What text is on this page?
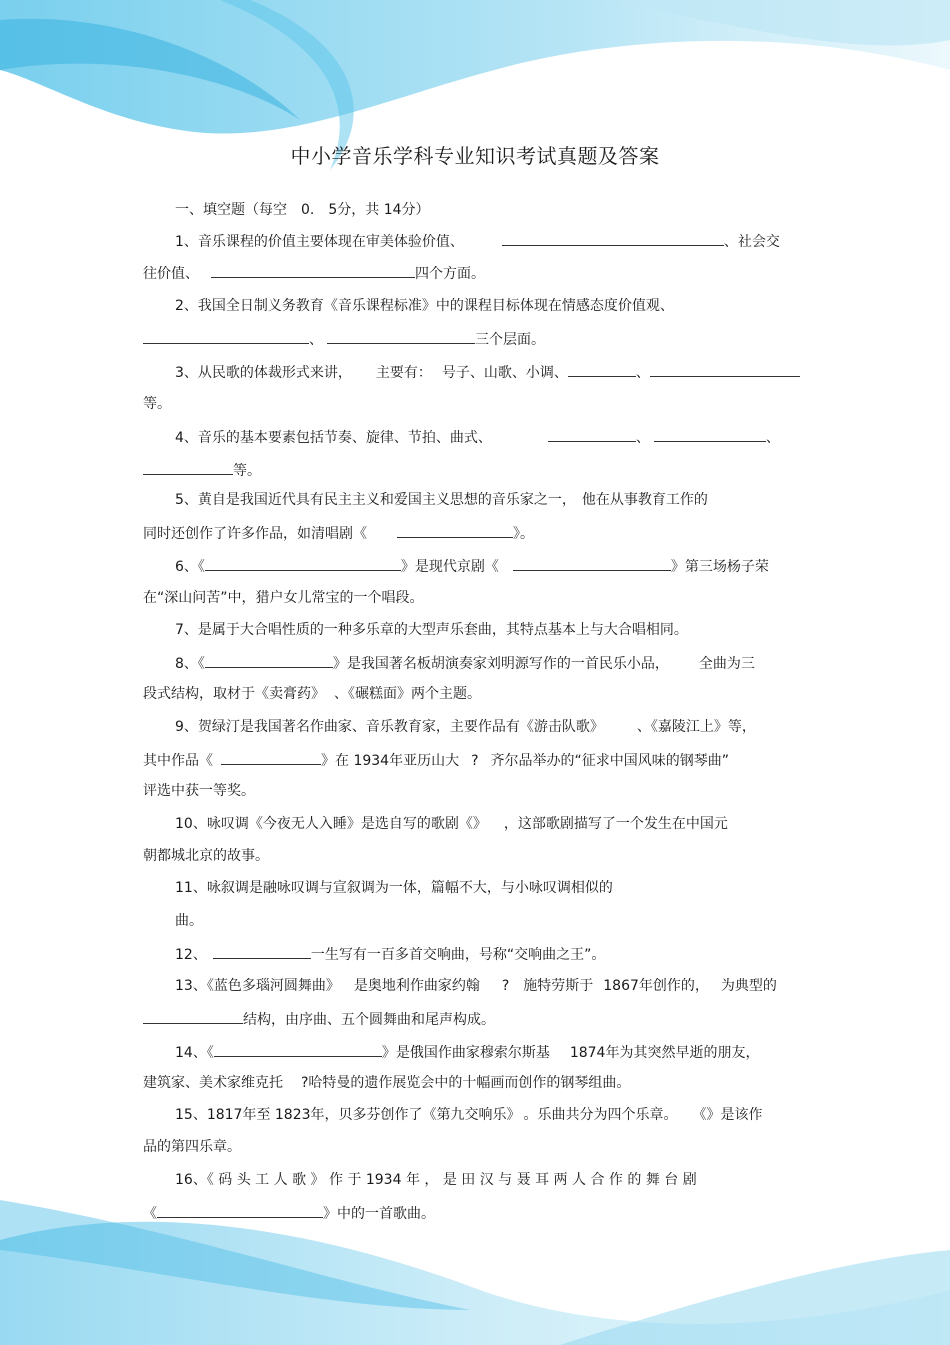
中小学音乐学科专业知识考试真题及答案
一、填空题（每空　0.　5分，共 14分）
1、音乐课程的价值主要体现在审美体验价值、	、社会交
往价值、	四个方面。
2、我国全日制义务教育《音乐课程标准》中的课程目标体现在情感态度价值观、
、	三个层面。
3、从民歌的体裁形式来讲， 主要有： 号子、山歌、小调、	、
等。
4、音乐的基本要素包括节奏、旋律、节拍、曲式、	、	、
等。
5、黄自是我国近代具有民主主义和爱国主义思想的音乐家之一， 他在从事教育工作的
同时还创作了许多作品，如清唱剧《	》。
6、《	》是现代京剧《	》第三场杨子荣
在“深山问苦”中，猎户女儿常宝的一个唱段。
7、是属于大合唱性质的一种多乐章的大型声乐套曲，其特点基本上与大合唱相同。
8、《	》是我国著名板胡演奏家刘明源写作的一首民乐小品， 全曲为三
段式结构，取材于《卖膏药》 、《碾糕面》两个主题。
9、贺绿汀是我国著名作曲家、音乐教育家，主要作品有《游击队歌》	、《嘉陵江上》等，
其中作品《	》在 1934年亚历山大 ? 齐尔品举办的“征求中国风味的钢琴曲”
评选中获一等奖。
10、咏叹调《今夜无人入睡》是选自写的歌剧《》 ，这部歌剧描写了一个发生在中国元
朝都城北京的故事。
11、咏叙调是融咏叹调与宣叙调为一体，篇幅不大，与小咏叹调相似的
曲。
12、	一生写有一百多首交响曲，号称“交响曲之王”。
13、《蓝色多瑙河圆舞曲》 是奥地利作曲家约翰 ? 施特劳斯于 1867年创作的， 为典型的
结构，由序曲、五个圆舞曲和尾声构成。
14、《	》是俄国作曲家穆索尔斯基 1874年为其突然早逝的朋友，
建筑家、美术家维克托 ?哈特曼的遗作展览会中的十幅画而创作的钢琴组曲。
15、1817年至 1823年，贝多芬创作了《第九交响乐》 。乐曲共分为四个乐章。 《》是该作
品的第四乐章。
16、《 码 头 工 人 歌 》 作 于 1934 年 ， 是 田 汉 与 聂 耳 两 人 合 作 的 舞 台 剧
《	》中的一首歌曲。
